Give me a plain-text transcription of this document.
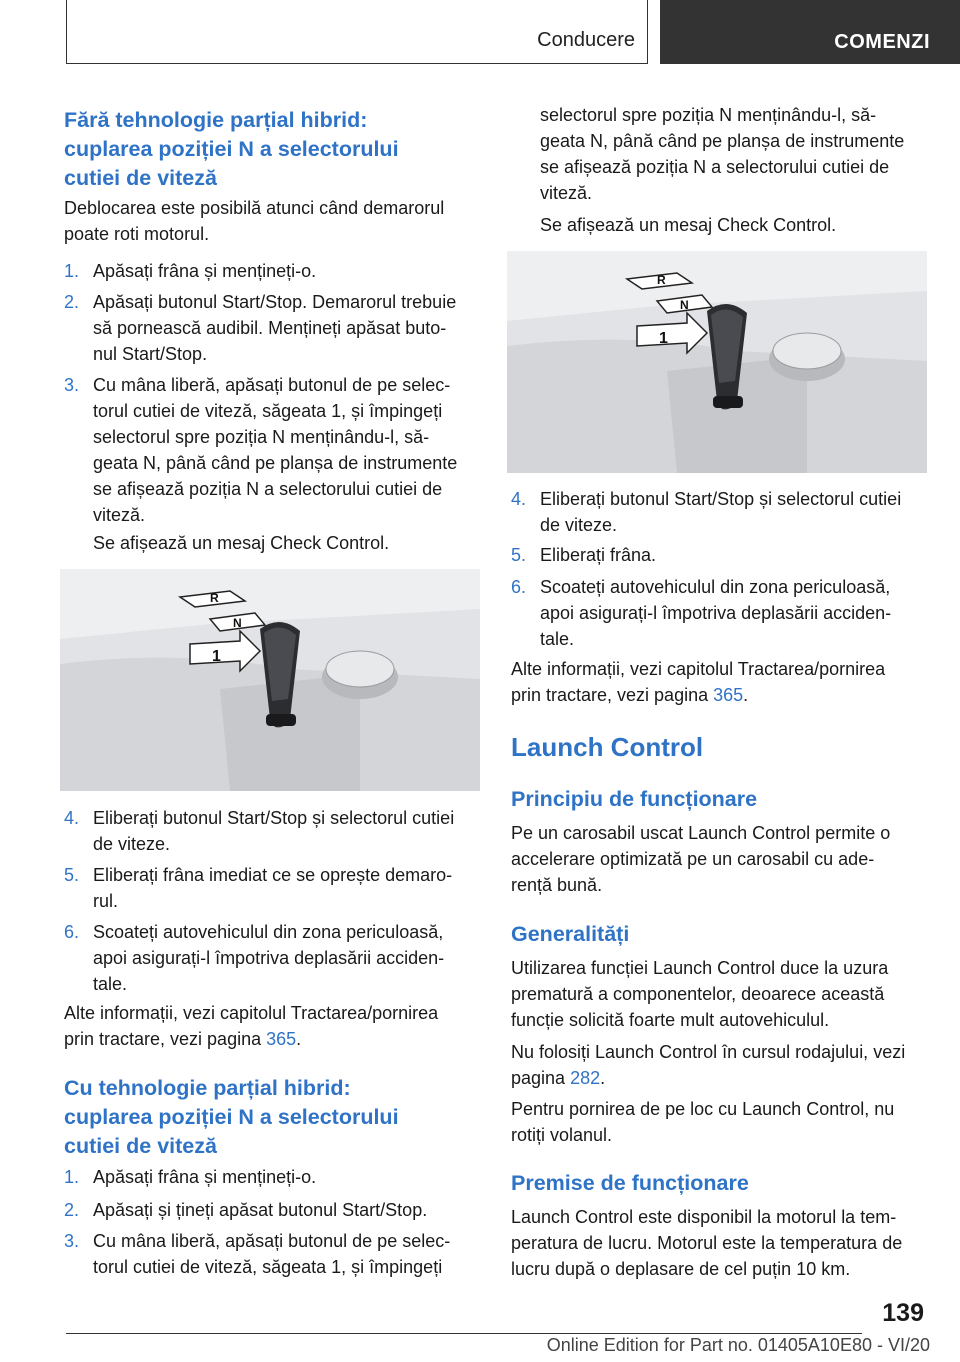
Conducere	COMENZI
Fără tehnologie parțial hibrid:
cuplarea poziției N a selectorului
cutiei de viteză

Deblocarea este posibilă atunci când demarorul
poate roti motorul.

1. Apăsați frâna și mențineți-o.
2. Apăsați butonul Start/Stop. Demarorul trebuie
să pornească audibil. Mențineți apăsat buto-
nul Start/Stop.
3. Cu mâna liberă, apăsați butonul de pe selec-
torul cutiei de viteză, săgeata 1, și împingeți
selectorul spre poziția N menținându-l, să-
geata N, până când pe planșa de instrumente
se afișează poziția N a selectorului cutiei de
viteză.

Se afișează un mesaj Check Control.

R
N
1
4. Eliberați butonul Start/Stop și selectorul cutiei
de viteze.
5. Eliberați frâna imediat ce se oprește demaro-
rul.
6. Scoateți autovehiculul din zona periculoasă,
apoi asigurați-l împotriva deplasării acciden-
tale.

Alte informații, vezi capitolul Tractarea/pornirea
prin tractare, vezi pagina 365.

Cu tehnologie parțial hibrid:
cuplarea poziției N a selectorului
cutiei de viteză
1. Apăsați frâna și mențineți-o.
2. Apăsați și țineți apăsat butonul Start/Stop.
3. Cu mâna liberă, apăsați butonul de pe selec-
torul cutiei de viteză, săgeata 1, și împingeți

selectorul spre poziția N menținându-l, să-
geata N, până când pe planșa de instrumente
se afișează poziția N a selectorului cutiei de
viteză.

Se afișează un mesaj Check Control.

R
N
1
4. Eliberați butonul Start/Stop și selectorul cutiei
de viteze.
5. Eliberați frâna.
6. Scoateți autovehiculul din zona periculoasă,
apoi asigurați-l împotriva deplasării acciden-
tale.

Alte informații, vezi capitolul Tractarea/pornirea
prin tractare, vezi pagina 365.

Launch Control
Principiu de funcționare

Pe un carosabil uscat Launch Control permite o
accelerare optimizată pe un carosabil cu ade-
rență bună.

Generalități

Utilizarea funcției Launch Control duce la uzura
prematură a componentelor, deoarece această
funcție solicită foarte mult autovehiculul.

Nu folosiți Launch Control în cursul rodajului, vezi
pagina 282.

Pentru pornirea de pe loc cu Launch Control, nu
rotiți volanul.

Premise de funcționare

Launch Control este disponibil la motorul la tem-
peratura de lucru. Motorul este la temperatura de
lucru după o deplasare de cel puțin 10 km.

139
Online Edition for Part no. 01405A10E80 - VI/20
